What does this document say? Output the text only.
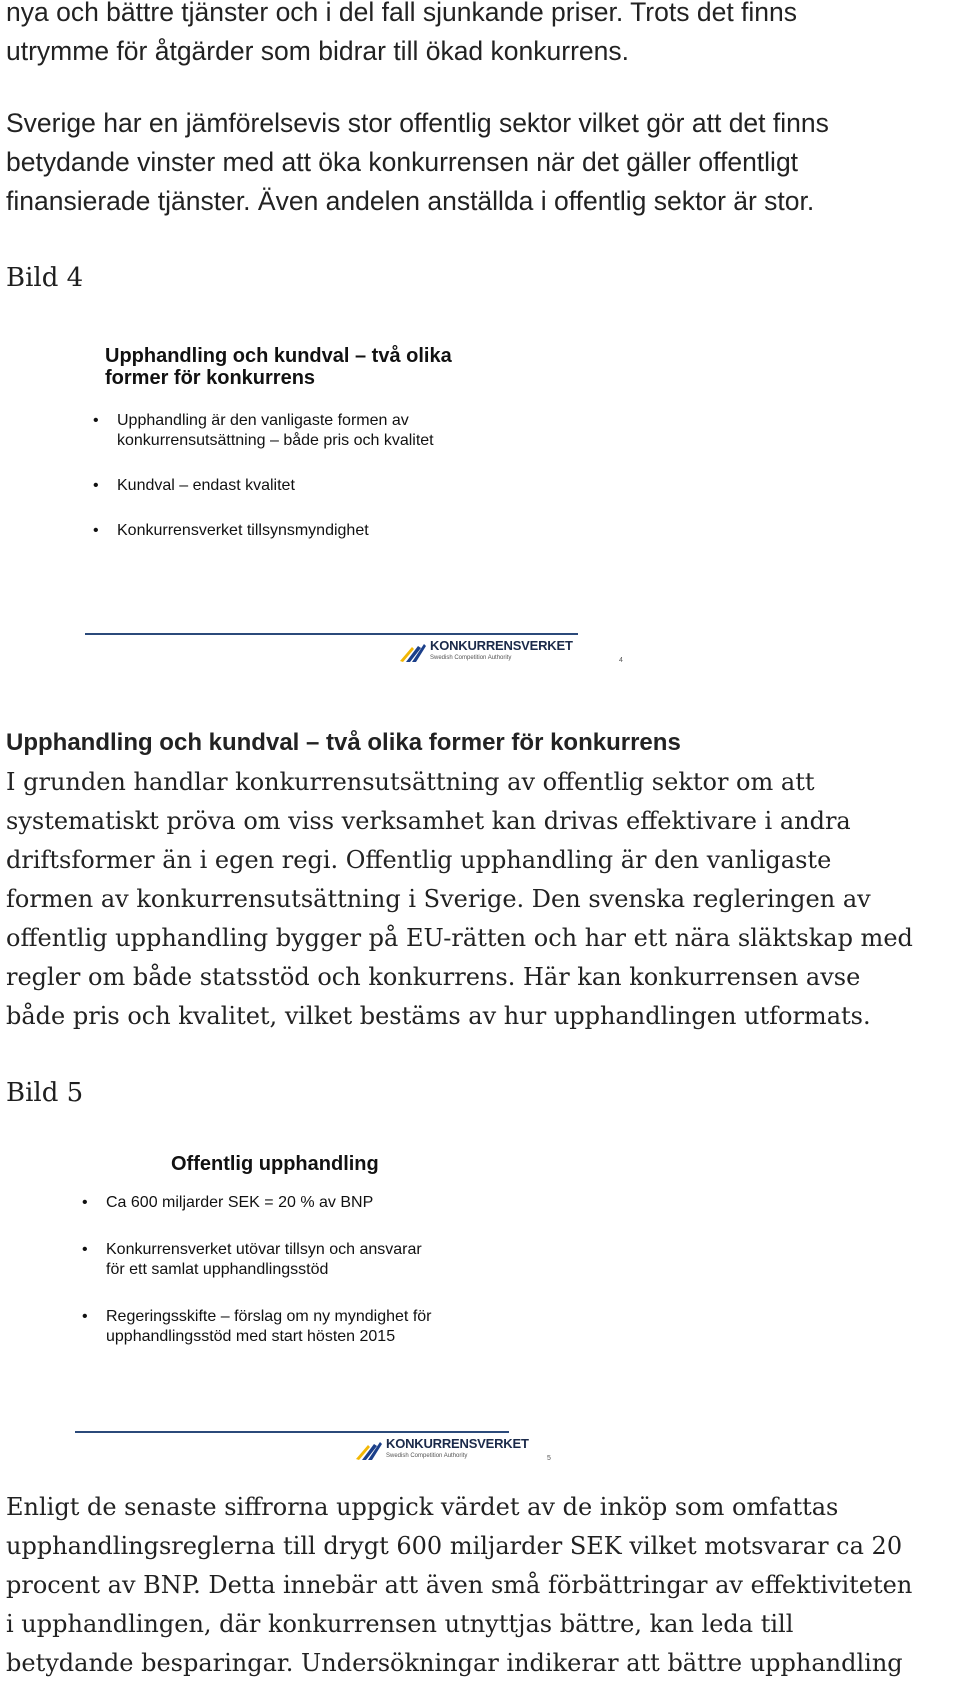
nya och bättre tjänster och i del fall sjunkande priser. Trots det finns
utrymme för åtgärder som bidrar till ökad konkurrens.
Sverige har en jämförelsevis stor offentlig sektor vilket gör att det finns
betydande vinster med att öka konkurrensen när det gäller offentligt
finansierade tjänster. Även andelen anställda i offentlig sektor är stor.
Bild 4
Upphandling och kundval – två olika
former för konkurrens
• Upphandling är den vanligaste formen av
konkurrensutsättning – både pris och kvalitet
• Kundval – endast kvalitet
• Konkurrensverket tillsynsmyndighet
KONKURRENSVERKET
Swedish Competition Authority	4
Upphandling och kundval – två olika former för konkurrens
I grunden handlar konkurrensutsättning av offentlig sektor om att
systematiskt pröva om viss verksamhet kan drivas effektivare i andra
driftsformer än i egen regi. Offentlig upphandling är den vanligaste
formen av konkurrensutsättning i Sverige. Den svenska regleringen av
offentlig upphandling bygger på EU-rätten och har ett nära släktskap med
regler om både statsstöd och konkurrens. Här kan konkurrensen avse
både pris och kvalitet, vilket bestäms av hur upphandlingen utformats.
Bild 5
Offentlig upphandling
• Ca 600 miljarder SEK = 20 % av BNP
• Konkurrensverket utövar tillsyn och ansvarar
för ett samlat upphandlingsstöd
• Regeringsskifte – förslag om ny myndighet för
upphandlingsstöd med start hösten 2015
KONKURRENSVERKET
Swedish Competition Authority	5
Enligt de senaste siffrorna uppgick värdet av de inköp som omfattas
upphandlingsreglerna till drygt 600 miljarder SEK vilket motsvarar ca 20
procent av BNP. Detta innebär att även små förbättringar av effektiviteten
i upphandlingen, där konkurrensen utnyttjas bättre, kan leda till
betydande besparingar. Undersökningar indikerar att bättre upphandling
